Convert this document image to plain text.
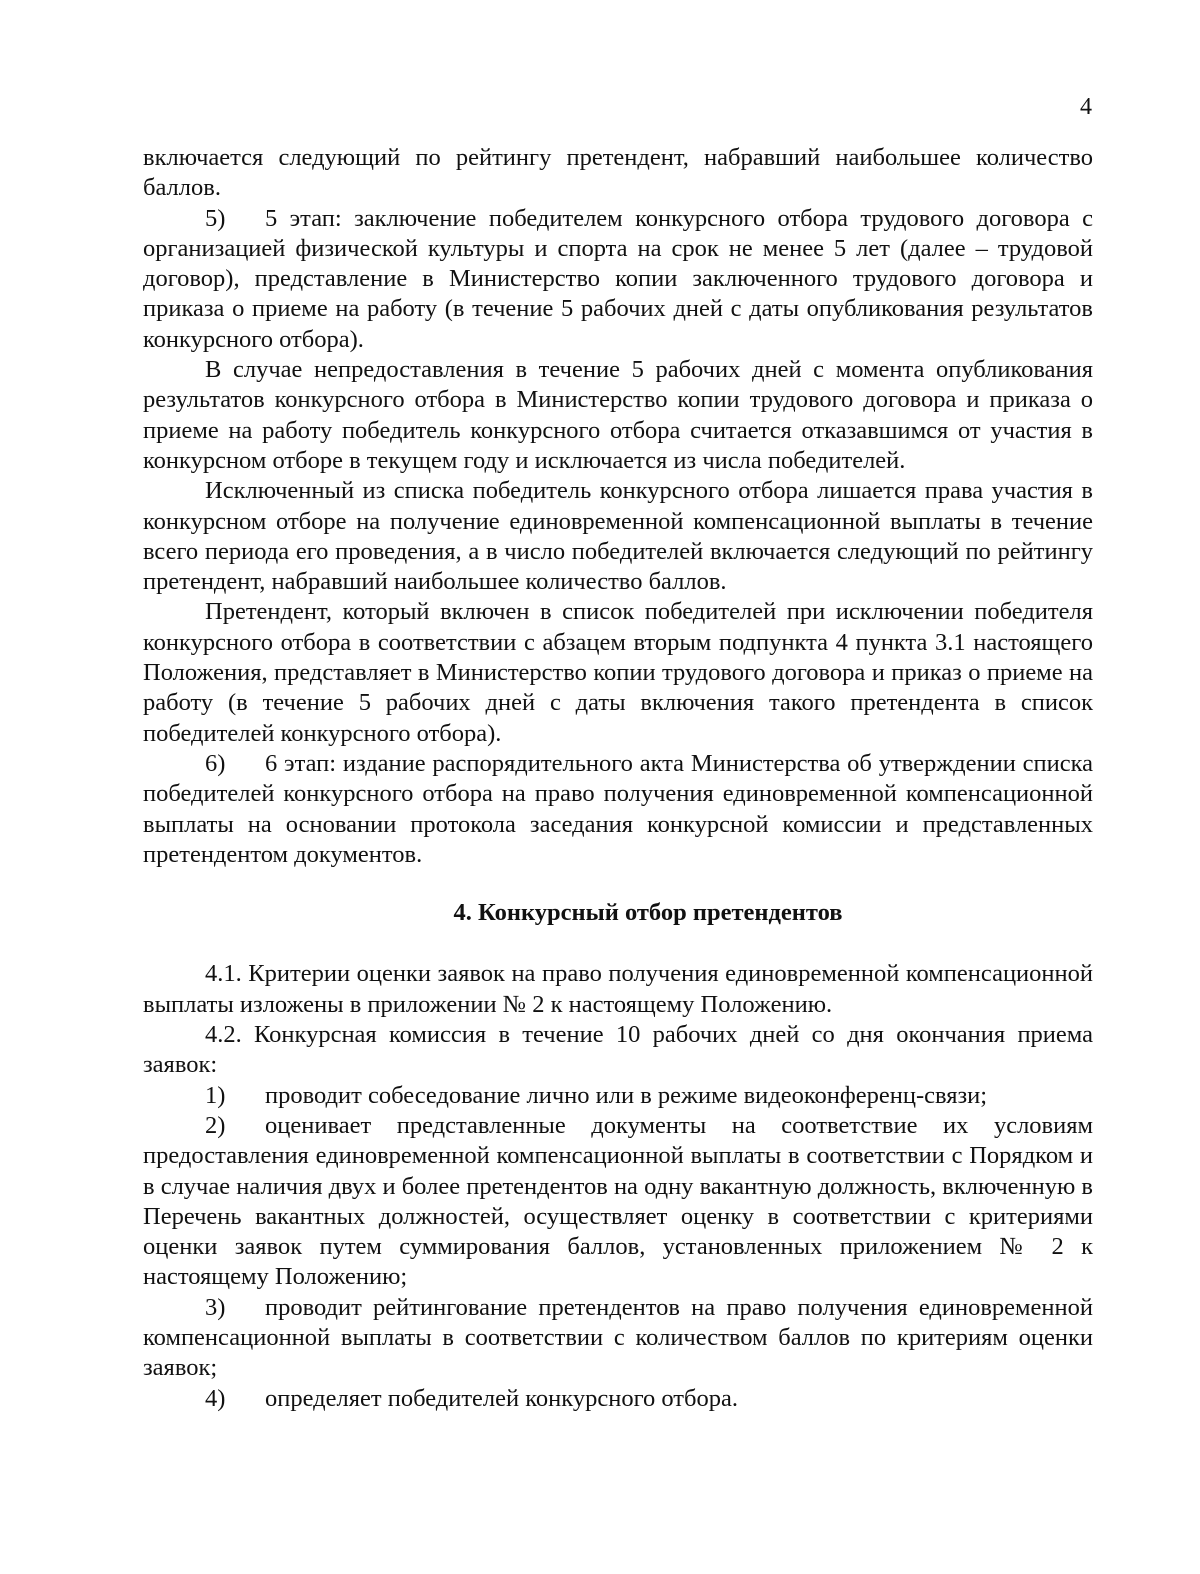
4

включается следующий по рейтингу претендент, набравший наибольшее количество баллов.

5) 5 этап: заключение победителем конкурсного отбора трудового договора с организацией физической культуры и спорта на срок не менее 5 лет (далее – трудовой договор), представление в Министерство копии заключенного трудового договора и приказа о приеме на работу (в течение 5 рабочих дней с даты опубликования результатов конкурсного отбора).

В случае непредоставления в течение 5 рабочих дней с момента опубликования результатов конкурсного отбора в Министерство копии трудового договора и приказа о приеме на работу победитель конкурсного отбора считается отказавшимся от участия в конкурсном отборе в текущем году и исключается из числа победителей.

Исключенный из списка победитель конкурсного отбора лишается права участия в конкурсном отборе на получение единовременной компенсационной выплаты в течение всего периода его проведения, а в число победителей включается следующий по рейтингу претендент, набравший наибольшее количество баллов.

Претендент, который включен в список победителей при исключении победителя конкурсного отбора в соответствии с абзацем вторым подпункта 4 пункта 3.1 настоящего Положения, представляет в Министерство копии трудового договора и приказ о приеме на работу (в течение 5 рабочих дней с даты включения такого претендента в список победителей конкурсного отбора).

6) 6 этап: издание распорядительного акта Министерства об утверждении списка победителей конкурсного отбора на право получения единовременной компенсационной выплаты на основании протокола заседания конкурсной комиссии и представленных претендентом документов.

4. Конкурсный отбор претендентов

4.1. Критерии оценки заявок на право получения единовременной компенсационной выплаты изложены в приложении № 2 к настоящему Положению.

4.2. Конкурсная комиссия в течение 10 рабочих дней со дня окончания приема заявок:

1) проводит собеседование лично или в режиме видеоконференц-связи;

2) оценивает представленные документы на соответствие их условиям предоставления единовременной компенсационной выплаты в соответствии с Порядком и в случае наличия двух и более претендентов на одну вакантную должность, включенную в Перечень вакантных должностей, осуществляет оценку в соответствии с критериями оценки заявок путем суммирования баллов, установленных приложением № 2 к настоящему Положению;

3) проводит рейтингование претендентов на право получения единовременной компенсационной выплаты в соответствии с количеством баллов по критериям оценки заявок;

4) определяет победителей конкурсного отбора.
